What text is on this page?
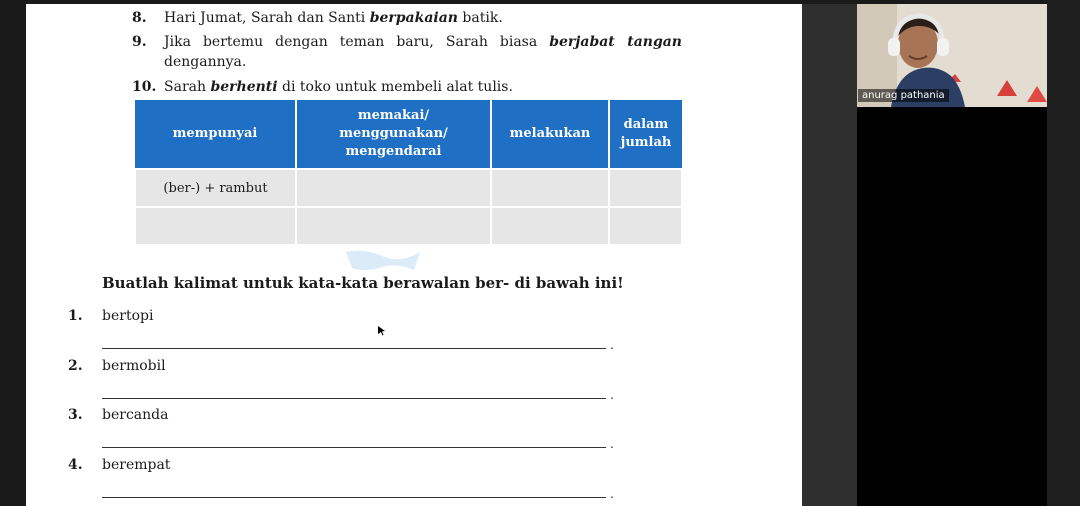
8. Hari Jumat, Sarah dan Santi berpakaian batik.
9. Jika bertemu dengan teman baru, Sarah biasa berjabat tangan
dengannya.
10. Sarah berhenti di toko untuk membeli alat tulis.
mempunyai	memakai/
menggunakan/
mengendarai	melakukan	dalam
jumlah
(ber-) + rambut			

Buatlah kalimat untuk kata-kata berawalan ber- di bawah ini!
1. bertopi
.
2. bermobil
.
3. bercanda
.
4. berempat
.
anurag pathania
